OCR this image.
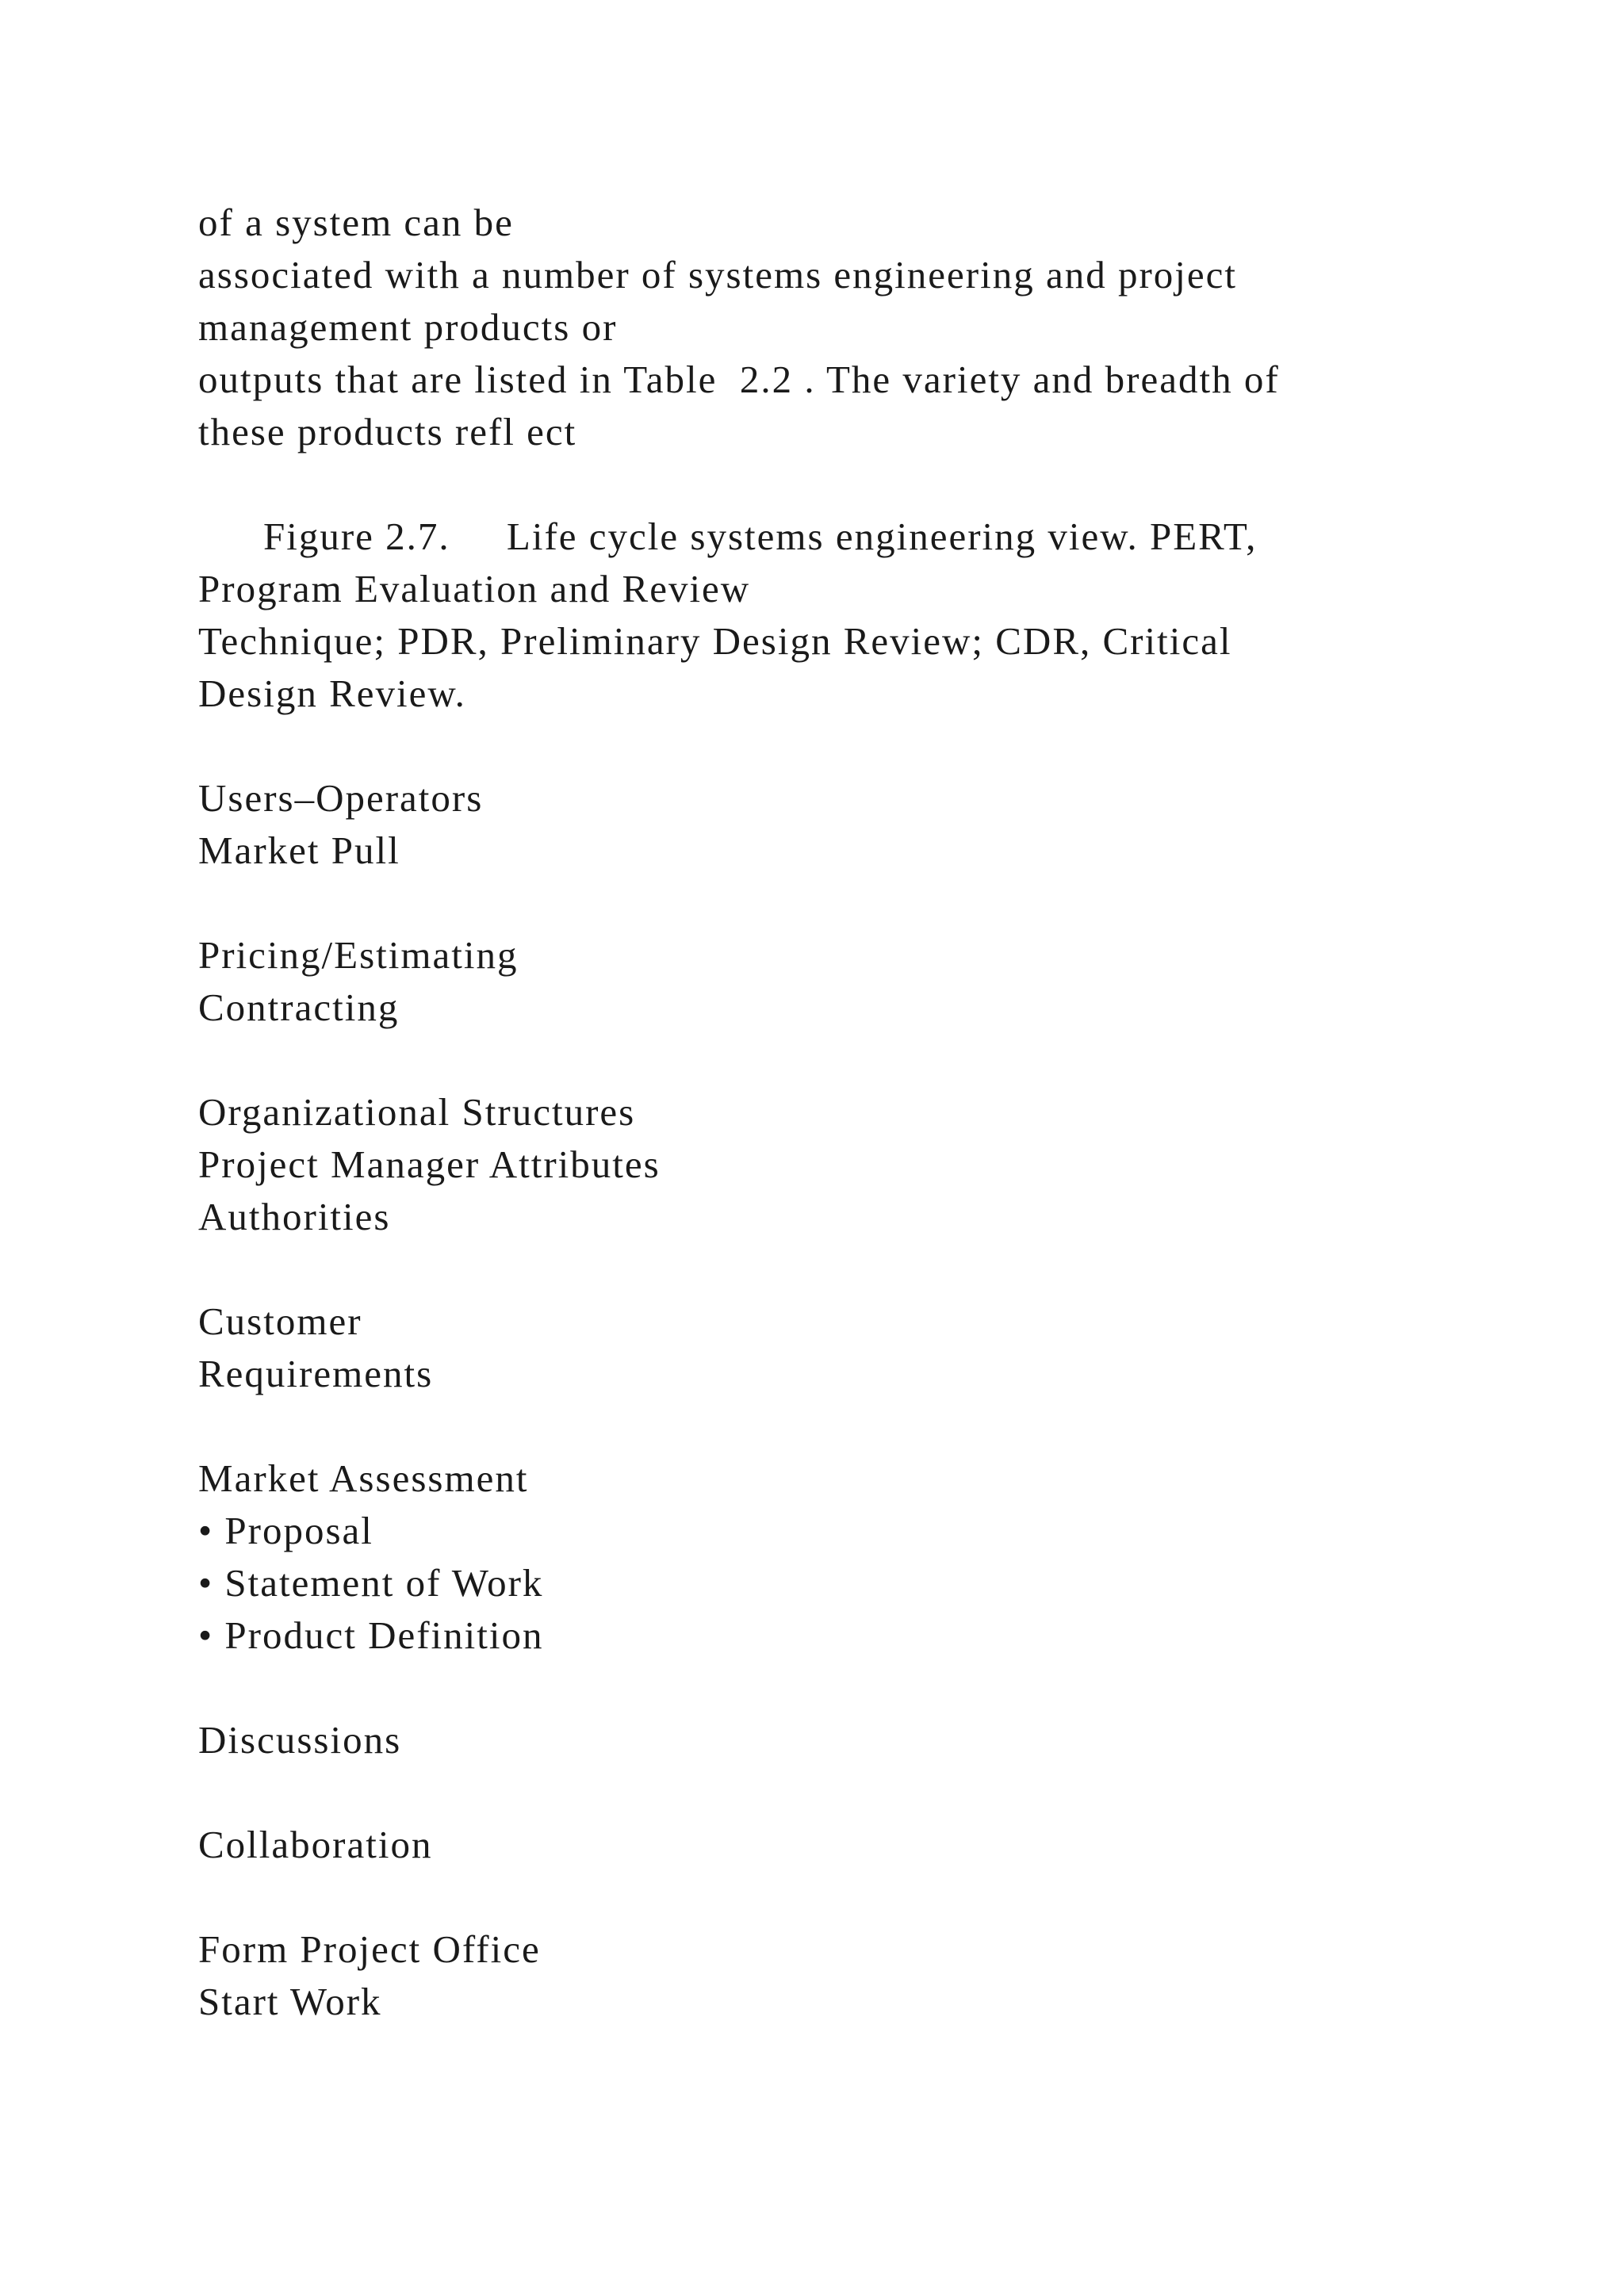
of a system can be
associated with a number of systems engineering and project
management products or
outputs that are listed in Table  2.2 . The variety and breadth of
these products refl ect
Figure 2.7.     Life cycle systems engineering view. PERT,
Program Evaluation and Review
Technique; PDR, Preliminary Design Review; CDR, Critical
Design Review.
Users–Operators
Market Pull
Pricing/Estimating
Contracting
Organizational Structures
Project Manager Attributes
Authorities
Customer
Requirements
Market Assessment
• Proposal
• Statement of Work
• Product Definition
Discussions
Collaboration
Form Project Office
Start Work
